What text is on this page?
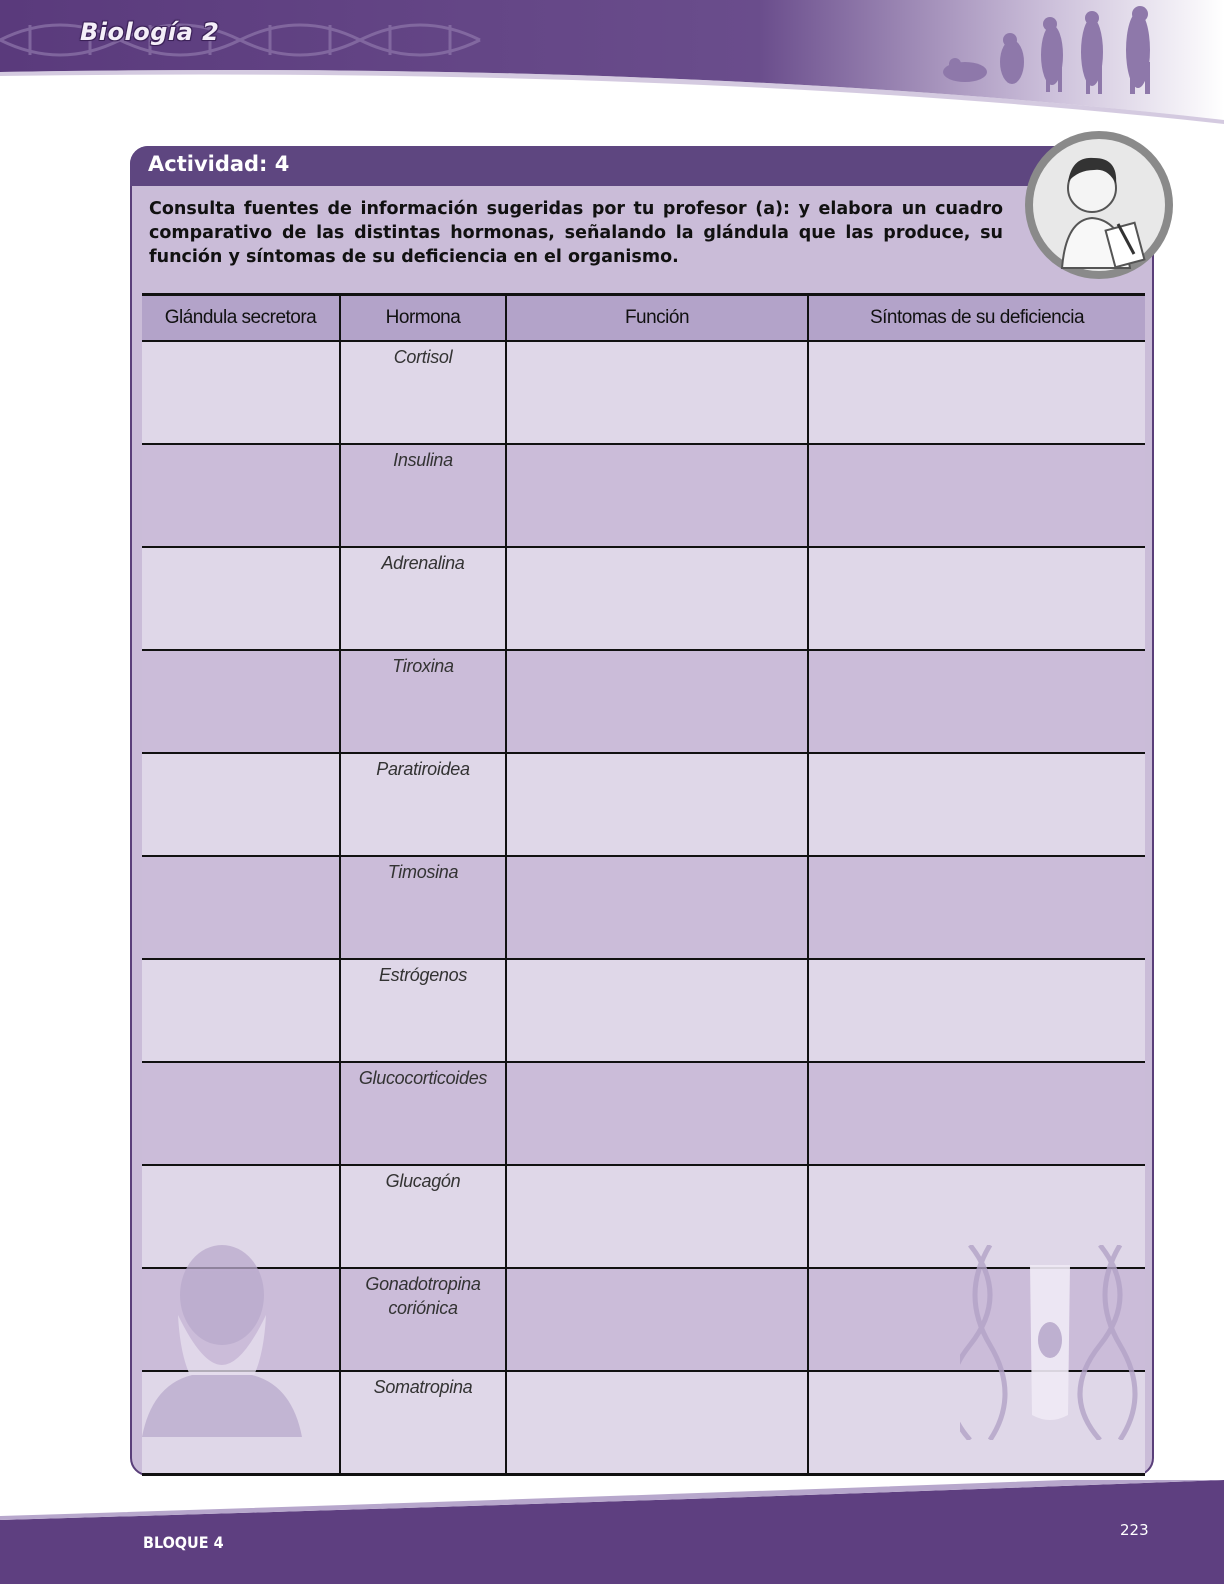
Biología 2
Actividad: 4
Consulta fuentes de información sugeridas por tu profesor (a): y elabora un cuadro comparativo de las distintas hormonas, señalando la glándula que las produce, su función y síntomas de su deficiencia en el organismo.
Glándula secretora	Hormona	Función	Síntomas de su deficiencia
	Cortisol		
	Insulina		
	Adrenalina		
	Tiroxina		
	Paratiroidea		
	Timosina		
	Estrógenos		
	Glucocorticoides		
	Glucagón		
	Gonadotropina coriónica		
	Somatropina		
BLOQUE 4
223
